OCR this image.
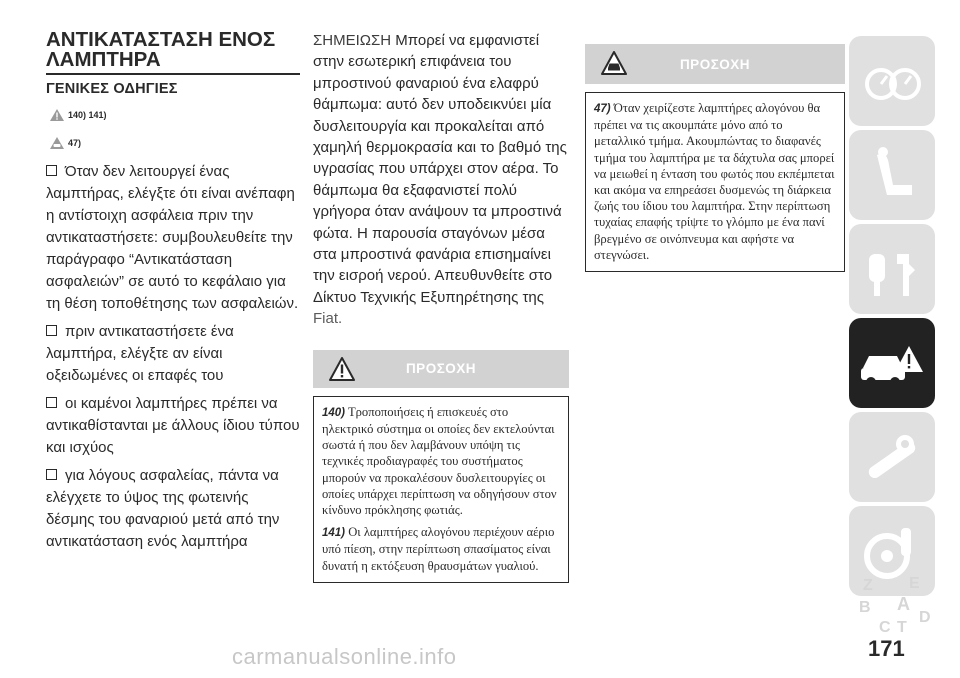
ΑΝΤΙΚΑΤΑΣΤΑΣΗ ΕΝΟΣ
ΛΑΜΠΤΗΡΑ
ΓΕΝΙΚΕΣ ΟΔΗΓΙΕΣ
140) 141)
47)
Όταν δεν λειτουργεί ένας λαμπτήρας, ελέγξτε ότι είναι ανέπαφη η αντίστοιχη ασφάλεια πριν την αντικαταστήσετε: συμβουλευθείτε την παράγραφο “Αντικατάσταση ασφαλειών” σε αυτό το κεφάλαιο για τη θέση τοποθέτησης των ασφαλειών.
πριν αντικαταστήσετε ένα λαμπτήρα, ελέγξτε αν είναι οξειδωμένες οι επαφές του
οι καμένοι λαμπτήρες πρέπει να αντικαθίστανται με άλλους ίδιου τύπου και ισχύος
για λόγους ασφαλείας, πάντα να ελέγχετε το ύψος της φωτεινής δέσμης του φαναριού μετά από την αντικατάσταση ενός λαμπτήρα
ΣΗΜΕΙΩΣΗ Μπορεί να εμφανιστεί στην εσωτερική επιφάνεια του μπροστινού φαναριού ένα ελαφρύ θάμπωμα: αυτό δεν υποδεικνύει μία δυσλειτουργία και προκαλείται από χαμηλή θερμοκρασία και το βαθμό της υγρασίας που υπάρχει στον αέρα. Το θάμπωμα θα εξαφανιστεί πολύ γρήγορα όταν ανάψουν τα μπροστινά φώτα. Η παρουσία σταγόνων μέσα στα μπροστινά φανάρια επισημαίνει την εισροή νερού. Απευθυνθείτε στο Δίκτυο Τεχνικής Εξυπηρέτησης της Fiat.
ΠΡΟΣΟΧΗ

140) Τροποποιήσεις ή επισκευές στο ηλεκτρικό σύστημα οι οποίες δεν εκτελούνται σωστά ή που δεν λαμβάνουν υπόψη τις τεχνικές προδιαγραφές του συστήματος μπορούν να προκαλέσουν δυσλειτουργίες οι οποίες υπάρχει περίπτωση να οδηγήσουν στον κίνδυνο πρόκλησης φωτιάς.

141) Οι λαμπτήρες αλογόνου περιέχουν αέριο υπό πίεση, στην περίπτωση σπασίματος είναι δυνατή η εκτόξευση θραυσμάτων γυαλιού.

ΠΡΟΣΟΧΗ

47) Όταν χειρίζεστε λαμπτήρες αλογόνου θα πρέπει να τις ακουμπάτε μόνο από το μεταλλικό τμήμα. Ακουμπώντας το διαφανές τμήμα του λαμπτήρα με τα δάχτυλα σας μπορεί να μειωθεί η ένταση του φωτός που εκπέμπεται και ακόμα να επηρεάσει δυσμενώς τη διάρκεια ζωής του ίδιου του λαμπτήρα. Στην περίπτωση τυχαίας επαφής τρίψτε το γλόμπο με ένα πανί βρεγμένο σε οινόπνευμα και αφήστε να στεγνώσει.

Z E
B A
C T
D
171
carmanualsonline.info
